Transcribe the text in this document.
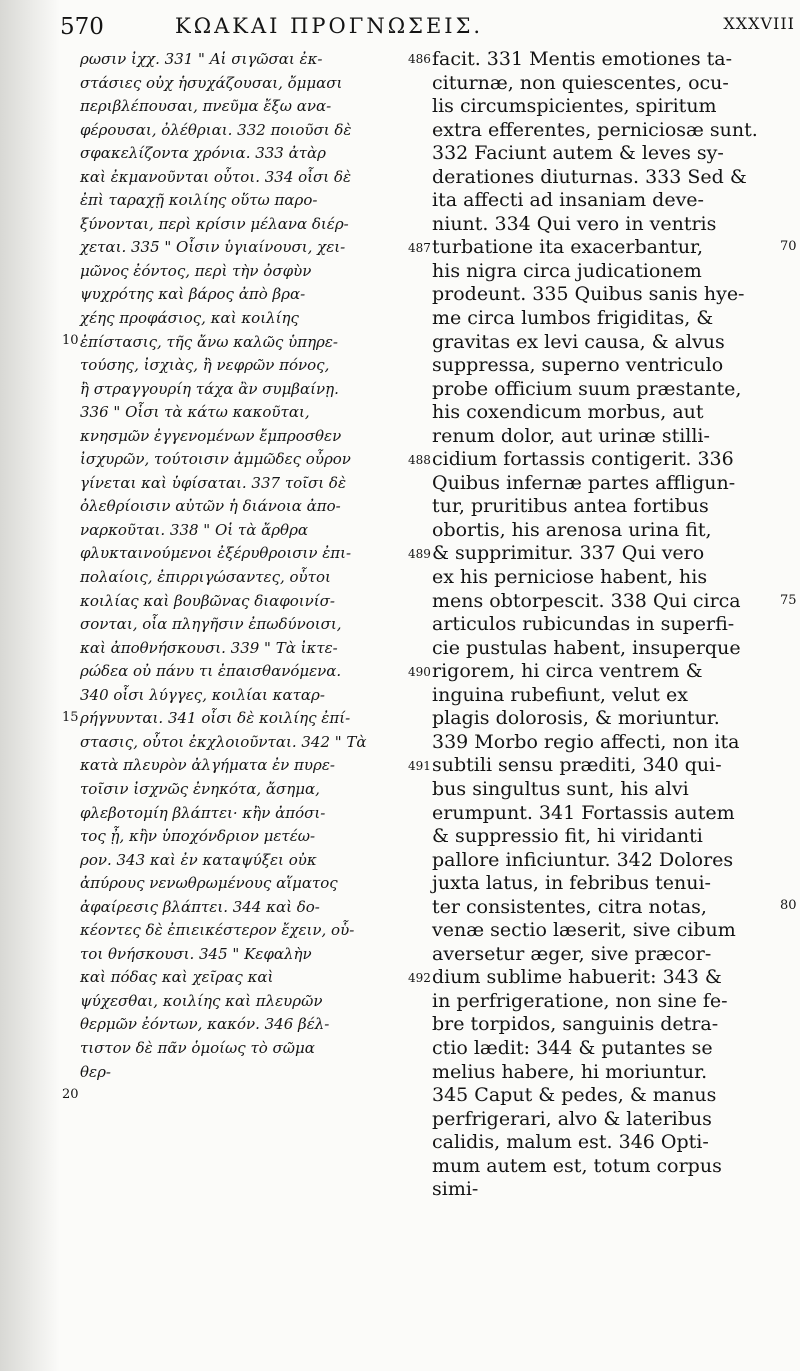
570	ΚΩΑΚΑΙ ΠΡΟΓΝΩΣΕΙΣ.	XXXVIII
ρωσιν ἰχχ. 331 " Αἱ σιγῶσαι ἐκ-
στάσιες οὐχ ἡσυχάζουσαι, ὄμμασι
περιβλέπουσαι, πνεῦμα ἔξω ανα-
φέρουσαι, ὀλέθριαι. 332 ποιοῦσι δὲ
σφακελίζοντα χρόνια. 333 ἀτὰρ
καὶ ἐκμανοῦνται οὗτοι. 334 οἷσι δὲ
ἐπὶ ταραχῇ κοιλίης οὕτω παρο-
ξύνονται, περὶ κρίσιν μέλανα διέρ-
χεται. 335 " Οἷσιν ὑγιαίνουσι, χει-
μῶνος ἐόντος, περὶ τὴν ὀσφὺν
ψυχρότης καὶ βάρος ἀπὸ βρα-
χέης προφάσιος, καὶ κοιλίης
ἐπίστασις, τῆς ἄνω καλῶς ὑπηρε-
τούσης, ἰσχιὰς, ἢ νεφρῶν πόνος,
ἢ στραγγουρίη τάχα ἂν συμβαίνῃ.
336 " Οἷσι τὰ κάτω κακοῦται,
κνησμῶν ἐγγενομένων ἔμπροσθεν
ἰσχυρῶν, τούτοισιν ἀμμῶδες οὖρον
γίνεται καὶ ὑφίσαται. 337 τοῖσι δὲ
ὀλεθρίοισιν αὐτῶν ἡ διάνοια ἀπο-
ναρκοῦται. 338 " Οἱ τὰ ἄρθρα
φλυκταινούμενοι ἐξέρυθροισιν ἐπι-
πολαίοις, ἐπιρριγώσαντες, οὗτοι
κοιλίας καὶ βουβῶνας διαφοινίσ-
σονται, οἷα πληγῆσιν ἐπωδύνοισι,
καὶ ἀποθνήσκουσι. 339 " Τὰ ἰκτε-
ρώδεα οὐ πάνυ τι ἐπαισθανόμενα.
340 οἷσι λύγγες, κοιλίαι καταρ-
ρήγνυνται. 341 οἷσι δὲ κοιλίης ἐπί-
στασις, οὗτοι ἐκχλοιοῦνται. 342 " Τὰ
κατὰ πλευρὸν ἀλγήματα ἐν πυρε-
τοῖσιν ἰσχνῶς ἐνηκότα, ἄσημα,
φλεβοτομίη βλάπτει· κἢν ἀπόσι-
τος ᾖ, κἢν ὑποχόνδριον μετέω-
ρον. 343 καὶ ἐν καταψύξει οὐκ
ἀπύρους νενωθρωμένους αἵματος
ἀφαίρεσις βλάπτει. 344 καὶ δο-
κέοντες δὲ ἐπιεικέστερον ἔχειν, οὗ-
τοι θνήσκουσι. 345 " Κεφαλὴν
καὶ πόδας καὶ χεῖρας καὶ
ψύχεσθαι, κοιλίης καὶ πλευρῶν
θερμῶν ἐόντων, κακόν. 346 βέλ-
τιστον δὲ πᾶν ὁμοίως τὸ σῶμα
θερ-
facit. 331 Mentis emotiones ta-
citurnæ, non quiescentes, ocu-
lis circumspicientes, spiritum
extra efferentes, perniciosæ sunt.
332 Faciunt autem & leves sy-
derationes diuturnas. 333 Sed &
ita affecti ad insaniam deve-
niunt. 334 Qui vero in ventris
turbatione ita exacerbantur,
his nigra circa judicationem
prodeunt. 335 Quibus sanis hye-
me circa lumbos frigiditas, &
gravitas ex levi causa, & alvus
suppressa, superno ventriculo
probe officium suum præstante,
his coxendicum morbus, aut
renum dolor, aut urinæ stilli-
cidium fortassis contigerit. 336
Quibus infernæ partes affligun-
tur, pruritibus antea fortibus
obortis, his arenosa urina fit,
& supprimitur. 337 Qui vero
ex his perniciose habent, his
mens obtorpescit. 338 Qui circa
articulos rubicundas in superfi-
cie pustulas habent, insuperque
rigorem, hi circa ventrem &
inguina rubefiunt, velut ex
plagis dolorosis, & moriuntur.
339 Morbo regio affecti, non ita
subtili sensu præditi, 340 qui-
bus singultus sunt, his alvi
erumpunt. 341 Fortassis autem
& suppressio fit, hi viridanti
pallore inficiuntur. 342 Dolores
juxta latus, in febribus tenui-
ter consistentes, citra notas,
venæ sectio læserit, sive cibum
aversetur æger, sive præcor-
dium sublime habuerit: 343 &
in perfrigeratione, non sine fe-
bre torpidos, sanguinis detra-
ctio lædit: 344 & putantes se
melius habere, hi moriuntur.
345 Caput & pedes, & manus
perfrigerari, alvo & lateribus
calidis, malum est. 346 Opti-
mum autem est, totum corpus
simi-
486
487
488
489
490
491
492
10
15
20
70
75
80
